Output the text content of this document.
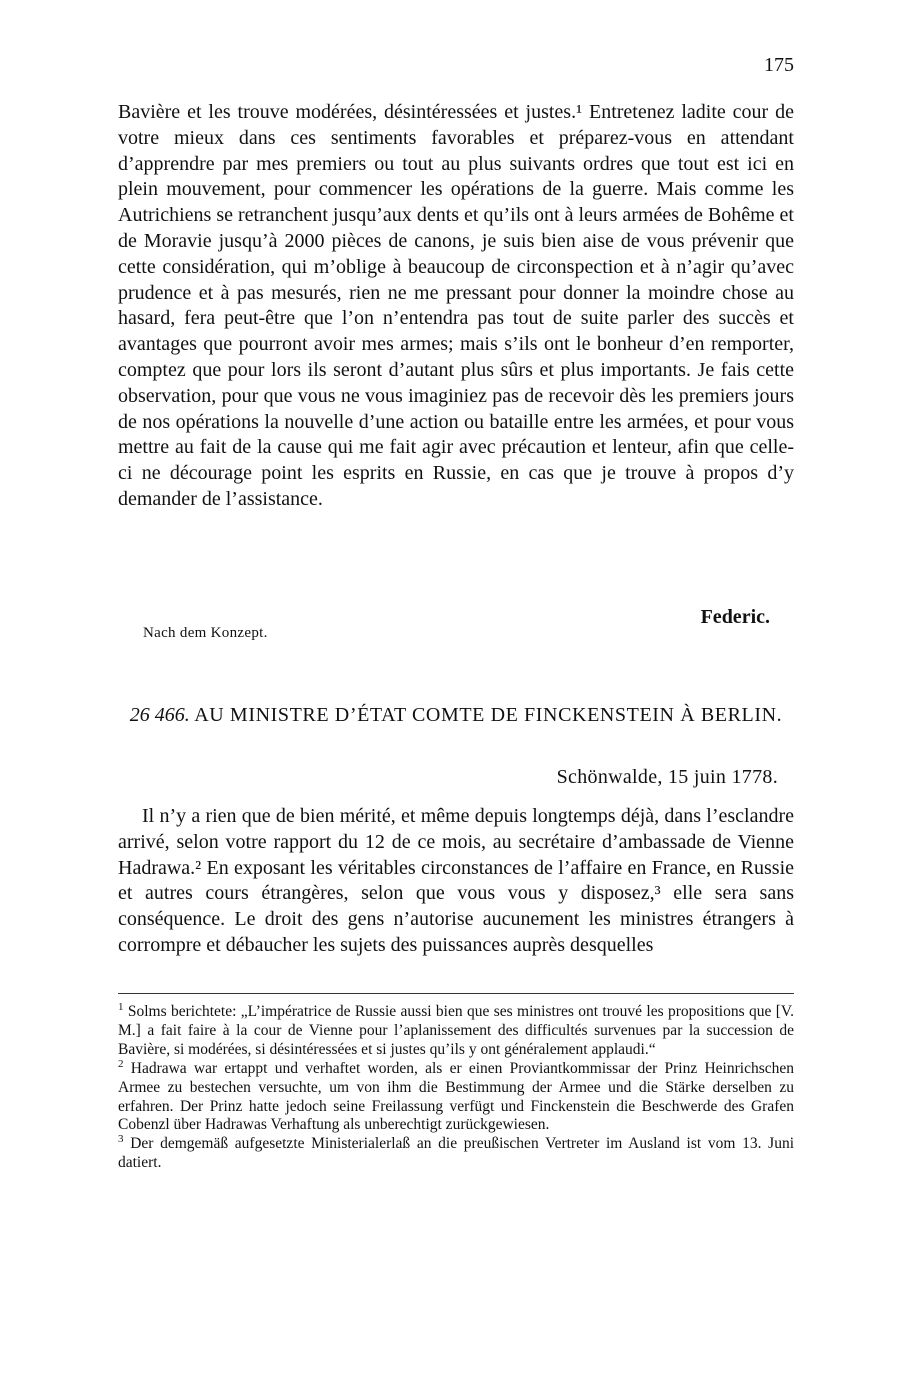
175

Bavière et les trouve modérées, désintéressées et justes.¹ Entretenez ladite cour de votre mieux dans ces sentiments favorables et préparez-vous en attendant d’apprendre par mes premiers ou tout au plus suivants ordres que tout est ici en plein mouvement, pour commencer les opérations de la guerre. Mais comme les Autrichiens se retranchent jusqu’aux dents et qu’ils ont à leurs armées de Bohême et de Moravie jusqu’à 2000 pièces de canons, je suis bien aise de vous prévenir que cette considération, qui m’oblige à beaucoup de circonspection et à n’agir qu’avec prudence et à pas mesurés, rien ne me pressant pour donner la moindre chose au hasard, fera peut-être que l’on n’entendra pas tout de suite parler des succès et avantages que pourront avoir mes armes; mais s’ils ont le bonheur d’en remporter, comptez que pour lors ils seront d’autant plus sûrs et plus importants. Je fais cette observation, pour que vous ne vous imaginiez pas de recevoir dès les premiers jours de nos opérations la nouvelle d’une action ou bataille entre les armées, et pour vous mettre au fait de la cause qui me fait agir avec précaution et lenteur, afin que celle-ci ne décourage point les esprits en Russie, en cas que je trouve à propos d’y demander de l’assistance.

Federic.
Nach dem Konzept.
26 466. AU MINISTRE D’ÉTAT COMTE DE FINCKENSTEIN À BERLIN.
Schönwalde, 15 juin 1778.

Il n’y a rien que de bien mérité, et même depuis longtemps déjà, dans l’esclandre arrivé, selon votre rapport du 12 de ce mois, au secrétaire d’ambassade de Vienne Hadrawa.² En exposant les véritables circonstances de l’affaire en France, en Russie et autres cours étrangères, selon que vous vous y disposez,³ elle sera sans conséquence. Le droit des gens n’autorise aucunement les ministres étrangers à corrompre et débaucher les sujets des puissances auprès desquelles

$^1$ Solms berichtete: „L’impératrice de Russie aussi bien que ses ministres ont trouvé les propositions que [V. M.] a fait faire à la cour de Vienne pour l’aplanissement des difficultés survenues par la succession de Bavière, si modérées, si désintéressées et si justes qu’ils y ont généralement applaudi.“

$^2$ Hadrawa war ertappt und verhaftet worden, als er einen Proviantkommissar der Prinz Heinrichschen Armee zu bestechen versuchte, um von ihm die Bestimmung der Armee und die Stärke derselben zu erfahren. Der Prinz hatte jedoch seine Freilassung verfügt und Finckenstein die Beschwerde des Grafen Cobenzl über Hadrawas Verhaftung als unberechtigt zurückgewiesen.

$^3$ Der demgemäß aufgesetzte Ministerialerlaß an die preußischen Vertreter im Ausland ist vom 13. Juni datiert.
